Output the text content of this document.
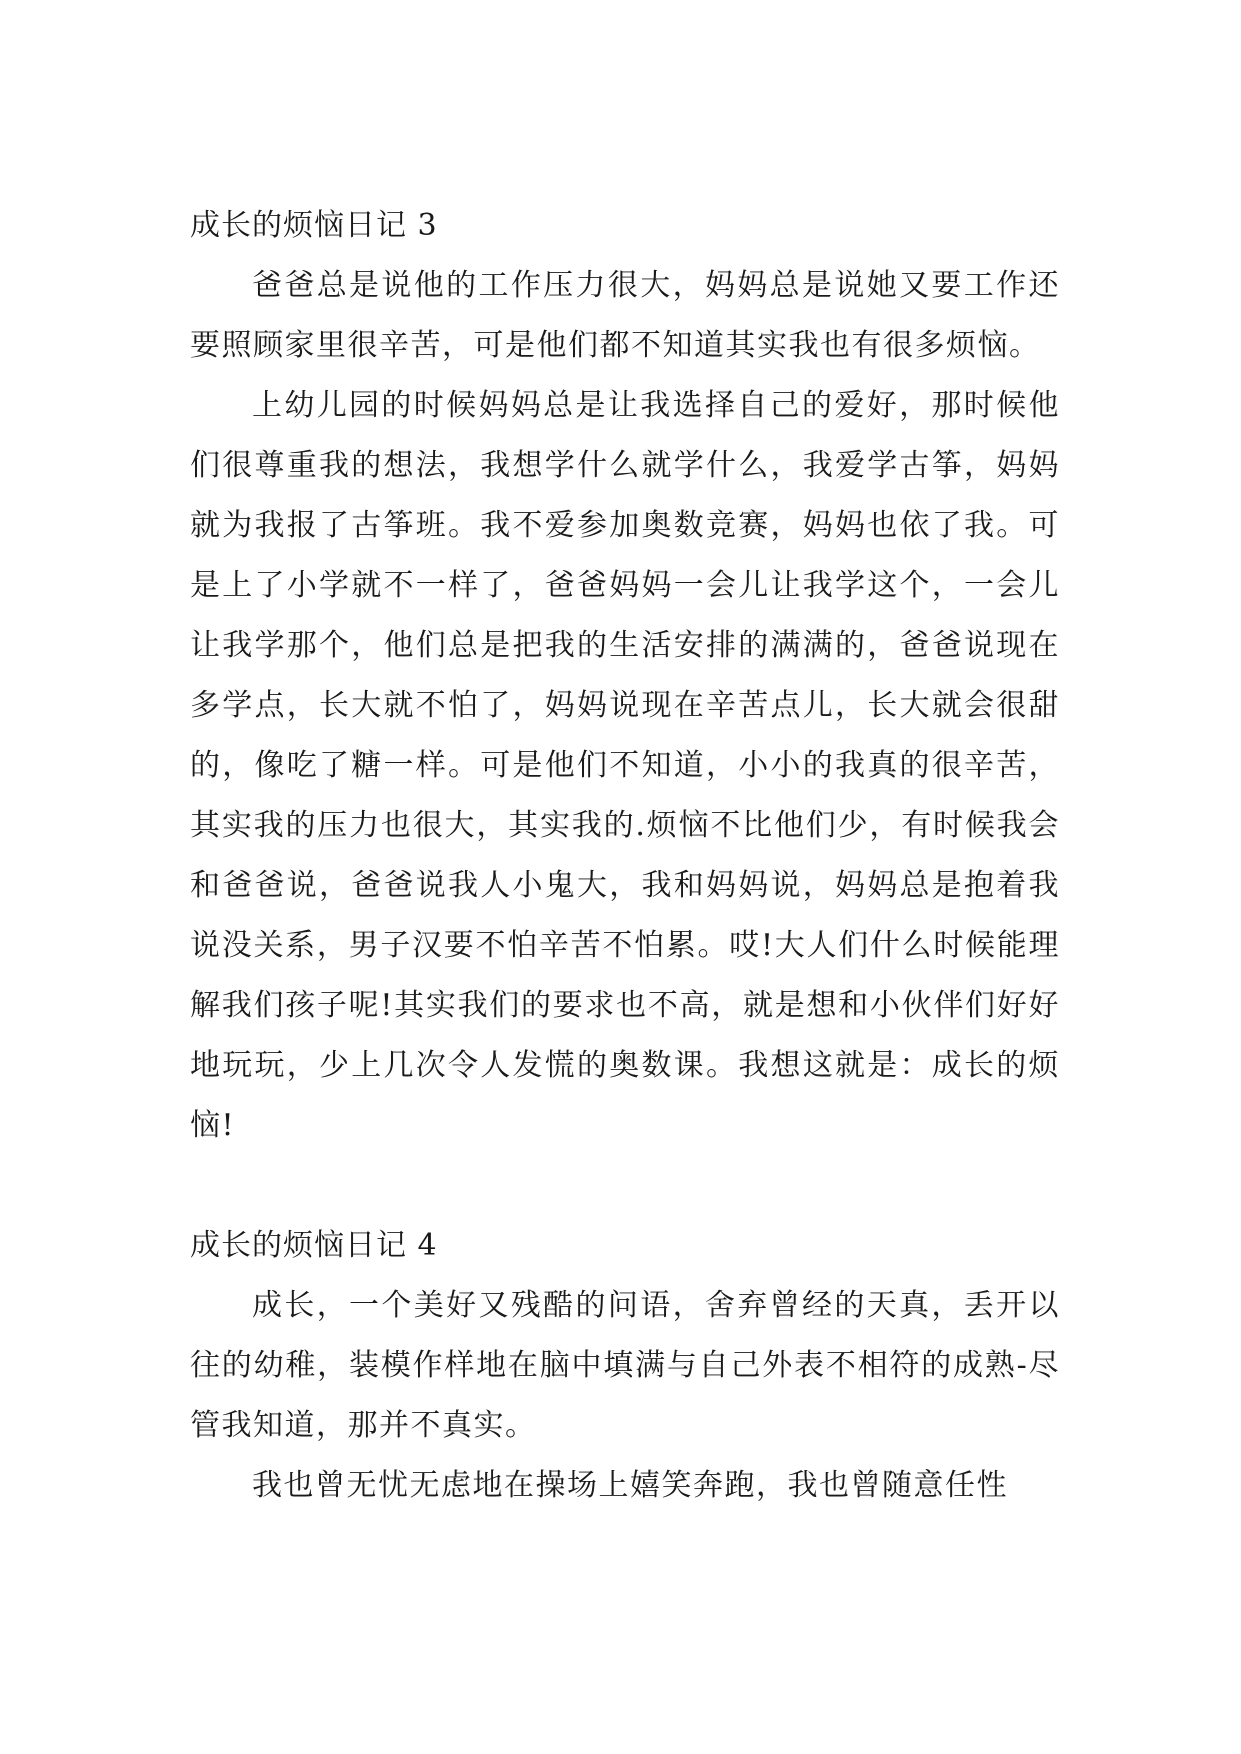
成长的烦恼日记 3

爸爸总是说他的工作压力很大，妈妈总是说她又要工作还要照顾家里很辛苦，可是他们都不知道其实我也有很多烦恼。

上幼儿园的时候妈妈总是让我选择自己的爱好，那时候他们很尊重我的想法，我想学什么就学什么，我爱学古筝，妈妈就为我报了古筝班。我不爱参加奥数竞赛，妈妈也依了我。可是上了小学就不一样了，爸爸妈妈一会儿让我学这个，一会儿让我学那个，他们总是把我的生活安排的满满的，爸爸说现在多学点，长大就不怕了，妈妈说现在辛苦点儿，长大就会很甜的，像吃了糖一样。可是他们不知道，小小的我真的很辛苦，其实我的压力也很大，其实我的.烦恼不比他们少，有时候我会和爸爸说，爸爸说我人小鬼大，我和妈妈说，妈妈总是抱着我说没关系，男子汉要不怕辛苦不怕累。哎!大人们什么时候能理解我们孩子呢!其实我们的要求也不高，就是想和小伙伴们好好地玩玩，少上几次令人发慌的奥数课。我想这就是：成长的烦恼!

成长的烦恼日记 4

成长，一个美好又残酷的问语，舍弃曾经的天真，丢开以往的幼稚，装模作样地在脑中填满与自己外表不相符的成熟-尽管我知道，那并不真实。

我也曾无忧无虑地在操场上嬉笑奔跑，我也曾随意任性
